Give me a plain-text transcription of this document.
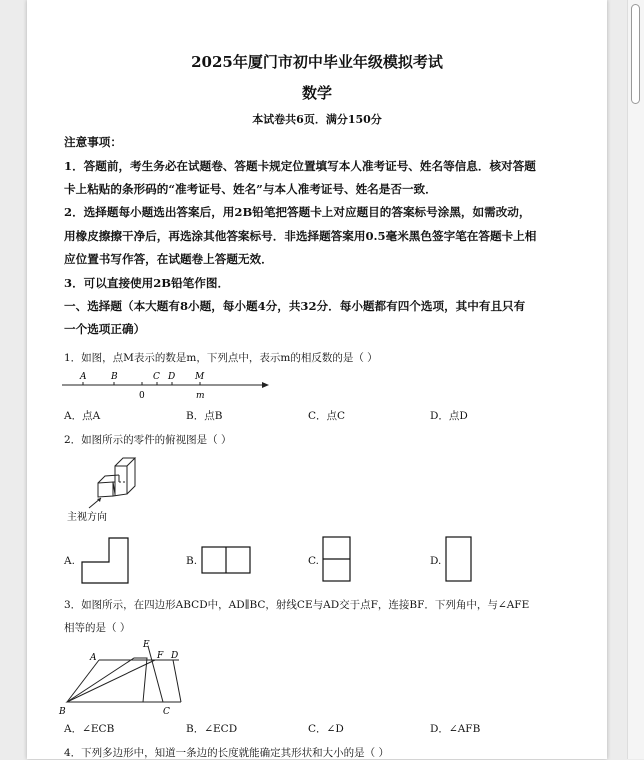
2025年厦门市初中毕业年级模拟考试
数学
本试卷共6页．满分150分
注意事项：
1．答题前，考生务必在试题卷、答题卡规定位置填写本人准考证号、姓名等信息．核对答题
卡上粘贴的条形码的“准考证号、姓名”与本人准考证号、姓名是否一致．
2．选择题每小题选出答案后，用2B铅笔把答题卡上对应题目的答案标号涂黑，如需改动，
用橡皮擦擦干净后，再选涂其他答案标号．非选择题答案用0.5毫米黑色签字笔在答题卡上相
应位置书写作答，在试题卷上答题无效．
3．可以直接使用2B铅笔作图．
一、选择题（本大题有8小题，每小题4分，共32分．每小题都有四个选项，其中有且只有
一个选项正确）
1．如图，点M表示的数是m，下列点中，表示m的相反数的是（ ）
A	B
0
C D M
m
A．点A	B．点B	C．点C	D．点D
2．如图所示的零件的俯视图是（ ）
主视方向
A.	B.	C.	D.
3．如图所示，在四边形ABCD中，AD∥BC，射线CE与AD交于点F，连接BF．下列角中，与∠AFE
相等的是（ ）
E
A	F D
B	C
A．∠ECB	B．∠ECD	C．∠D	D．∠AFB
4．下列多边形中，知道一条边的长度就能确定其形状和大小的是（ ）
